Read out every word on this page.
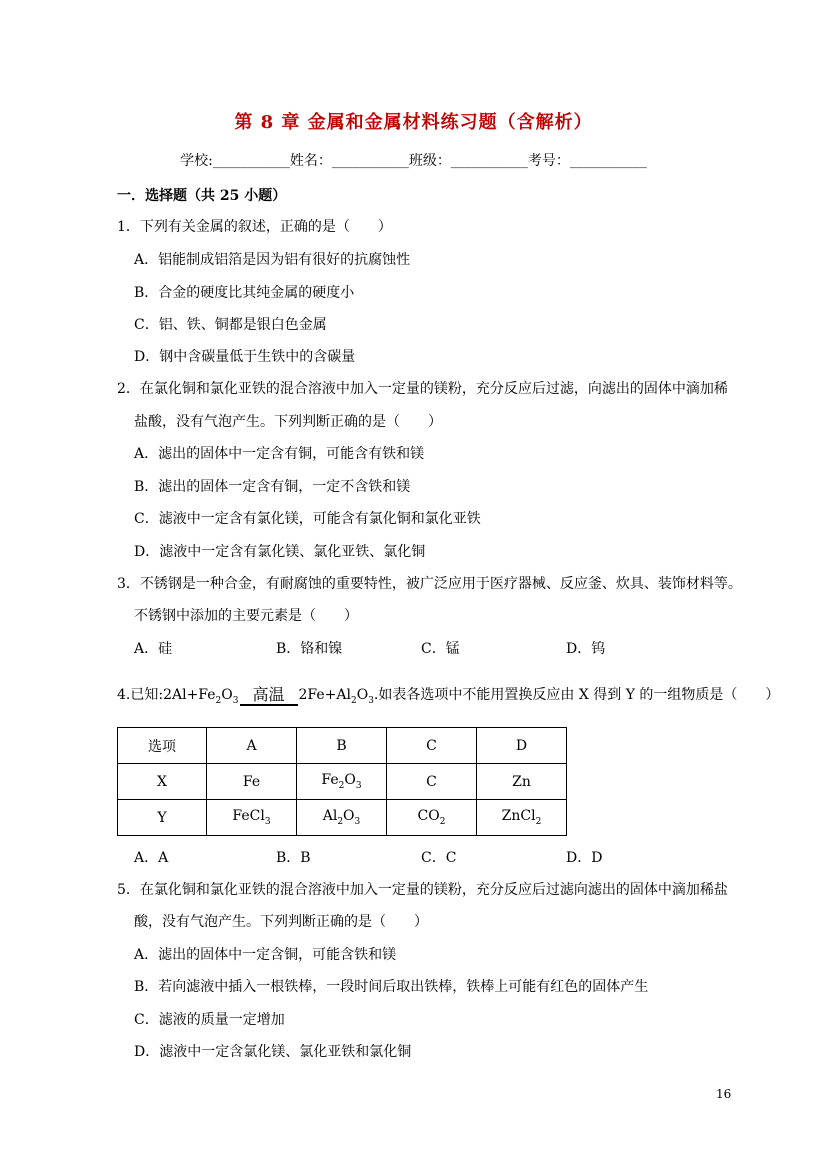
第 8 章 金属和金属材料练习题（含解析）
学校:___________姓名：___________班级：___________考号：___________
一．选择题（共 25 小题）
1．下列有关金属的叙述，正确的是（　　）
A．铝能制成铝箔是因为铝有很好的抗腐蚀性
B．合金的硬度比其纯金属的硬度小
C．铝、铁、铜都是银白色金属
D．钢中含碳量低于生铁中的含碳量
2．在氯化铜和氯化亚铁的混合溶液中加入一定量的镁粉，充分反应后过滤，向滤出的固体中滴加稀
盐酸，没有气泡产生。下列判断正确的是（　　）
A．滤出的固体中一定含有铜，可能含有铁和镁
B．滤出的固体一定含有铜，一定不含铁和镁
C．滤液中一定含有氯化镁，可能含有氯化铜和氯化亚铁
D．滤液中一定含有氯化镁、氯化亚铁、氯化铜
3．不锈钢是一种合金，有耐腐蚀的重要特性，被广泛应用于医疗器械、反应釜、炊具、装饰材料等。
不锈钢中添加的主要元素是（　　）
A．硅	B．铬和镍	C．锰	D．钨
4.已知$:2Al+Fe_2O_3$ 高温	$2Fe+Al_2O_3$.如表各选项中不能用置换反应由 X 得到 Y 的一组物质是（　　）
选项	A	B	C	D
X	Fe	$Fe_2O_3$	C	Zn
Y	FeCl$_3$	$Al_2O_3$	$CO_2$	ZnCl$_2$
A．A	B．B	C．C	D．D
5．在氯化铜和氯化亚铁的混合溶液中加入一定量的镁粉，充分反应后过滤向滤出的固体中滴加稀盐
酸，没有气泡产生。下列判断正确的是（　　）
A．滤出的固体中一定含铜，可能含铁和镁
B．若向滤液中插入一根铁棒，一段时间后取出铁棒，铁棒上可能有红色的固体产生
C．滤液的质量一定增加
D．滤液中一定含氯化镁、氯化亚铁和氯化铜
16
